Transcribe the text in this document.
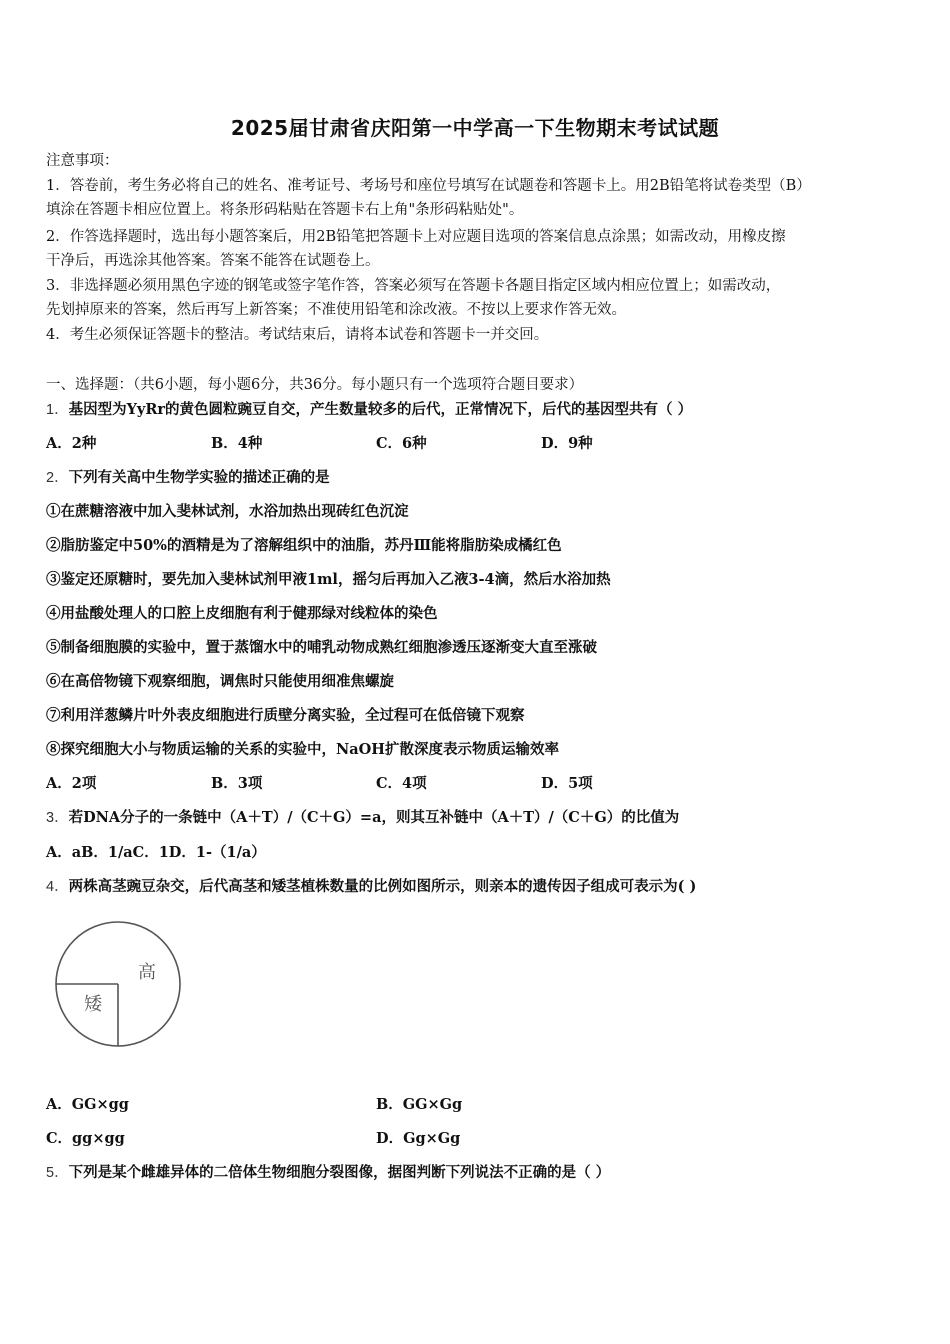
2025届甘肃省庆阳第一中学高一下生物期末考试试题
注意事项：
1．答卷前，考生务必将自己的姓名、准考证号、考场号和座位号填写在试题卷和答题卡上。用2B铅笔将试卷类型（B）
填涂在答题卡相应位置上。将条形码粘贴在答题卡右上角"条形码粘贴处"。
2．作答选择题时，选出每小题答案后，用2B铅笔把答题卡上对应题目选项的答案信息点涂黑；如需改动，用橡皮擦
干净后，再选涂其他答案。答案不能答在试题卷上。
3．非选择题必须用黑色字迹的钢笔或签字笔作答，答案必须写在答题卡各题目指定区域内相应位置上；如需改动，
先划掉原来的答案，然后再写上新答案；不准使用铅笔和涂改液。不按以上要求作答无效。
4．考生必须保证答题卡的整洁。考试结束后，请将本试卷和答题卡一并交回。
一、选择题：（共6小题，每小题6分，共36分。每小题只有一个选项符合题目要求）
1．基因型为YyRr的黄色圆粒豌豆自交，产生数量较多的后代，正常情况下，后代的基因型共有（ ）
A．2种	B．4种	C．6种	D．9种
2．下列有关高中生物学实验的描述正确的是
①在蔗糖溶液中加入斐林试剂，水浴加热出现砖红色沉淀
②脂肪鉴定中50%的酒精是为了溶解组织中的油脂，苏丹Ⅲ能将脂肪染成橘红色
③鉴定还原糖时，要先加入斐林试剂甲液1ml，摇匀后再加入乙液3-4滴，然后水浴加热
④用盐酸处理人的口腔上皮细胞有利于健那绿对线粒体的染色
⑤制备细胞膜的实验中，置于蒸馏水中的哺乳动物成熟红细胞渗透压逐渐变大直至涨破
⑥在高倍物镜下观察细胞，调焦时只能使用细准焦螺旋
⑦利用洋葱鳞片叶外表皮细胞进行质壁分离实验，全过程可在低倍镜下观察
⑧探究细胞大小与物质运输的关系的实验中，NaOH扩散深度表示物质运输效率
A．2项	B．3项	C．4项	D．5项
3．若DNA分子的一条链中（A＋T）/（C＋G）=a，则其互补链中（A＋T）/（C＋G）的比值为
A．aB．1/aC．1D．1-（1/a）
4．两株高茎豌豆杂交，后代高茎和矮茎植株数量的比例如图所示，则亲本的遗传因子组成可表示为( )
高
矮
A．GG×gg	B．GG×Gg
C．gg×gg	D．Gg×Gg
5．下列是某个雌雄异体的二倍体生物细胞分裂图像，据图判断下列说法不正确的是（ ）
